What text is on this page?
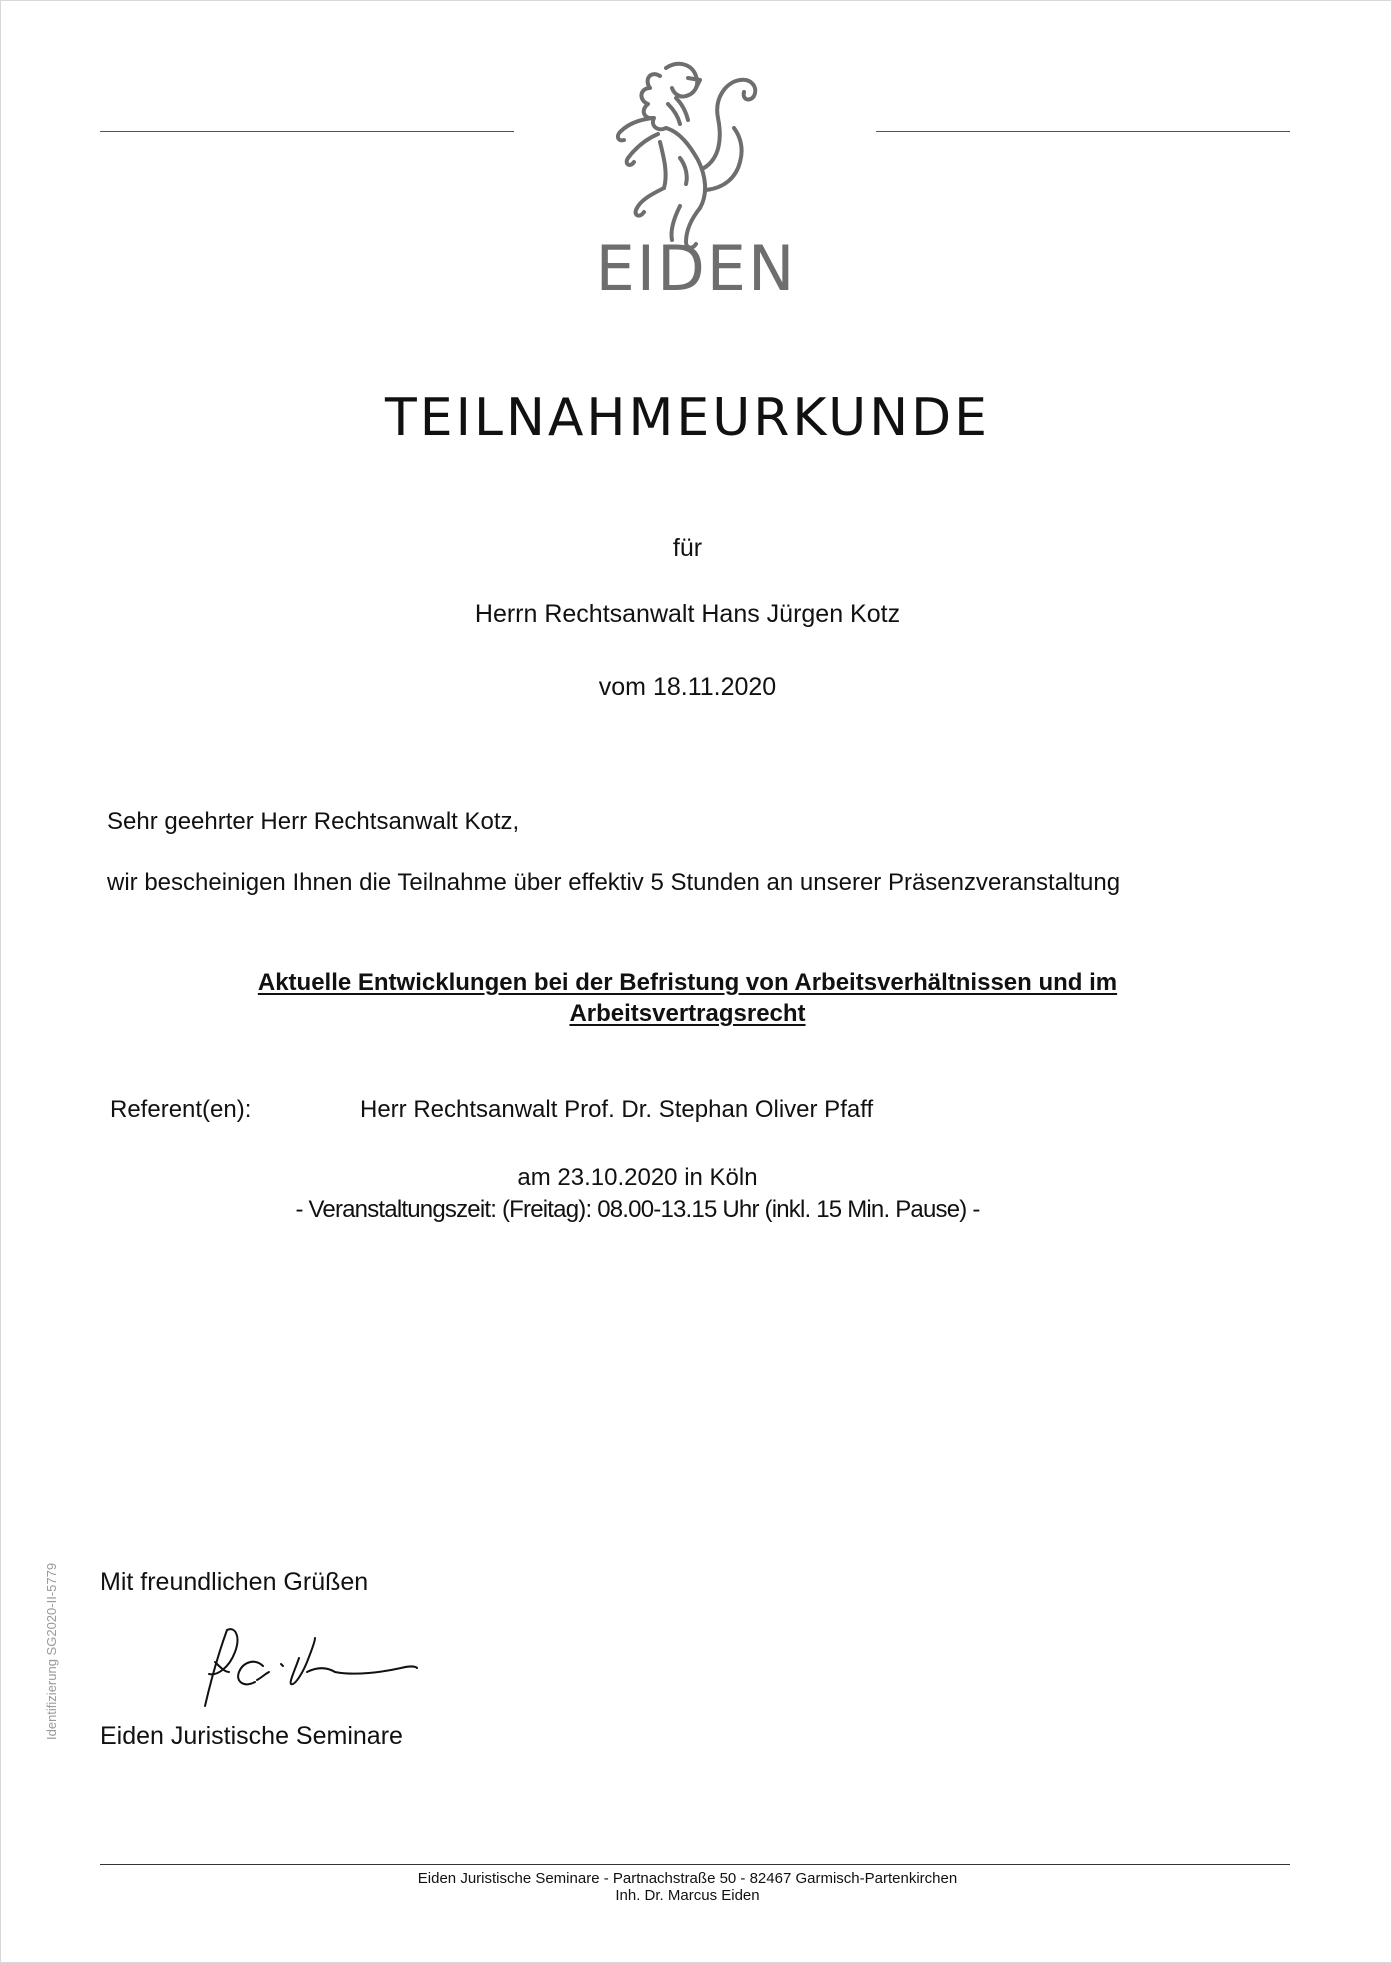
EIDEN
TEILNAHMEURKUNDE
für
Herrn Rechtsanwalt Hans Jürgen Kotz
vom 18.11.2020
Sehr geehrter Herr Rechtsanwalt Kotz,
wir bescheinigen Ihnen die Teilnahme über effektiv 5 Stunden an unserer Präsenzveranstaltung
Aktuelle Entwicklungen bei der Befristung von Arbeitsverhältnissen und im
Arbeitsvertragsrecht
Referent(en):	Herr Rechtsanwalt Prof. Dr. Stephan Oliver Pfaff
am 23.10.2020 in Köln
- Veranstaltungszeit: (Freitag): 08.00-13.15 Uhr (inkl. 15 Min. Pause) -
Identifizierung SG2020-II-5779 Mit freundlichen Grüßen
Eiden Juristische Seminare
Eiden Juristische Seminare - Partnachstraße 50 - 82467 Garmisch-Partenkirchen
Inh. Dr. Marcus Eiden
